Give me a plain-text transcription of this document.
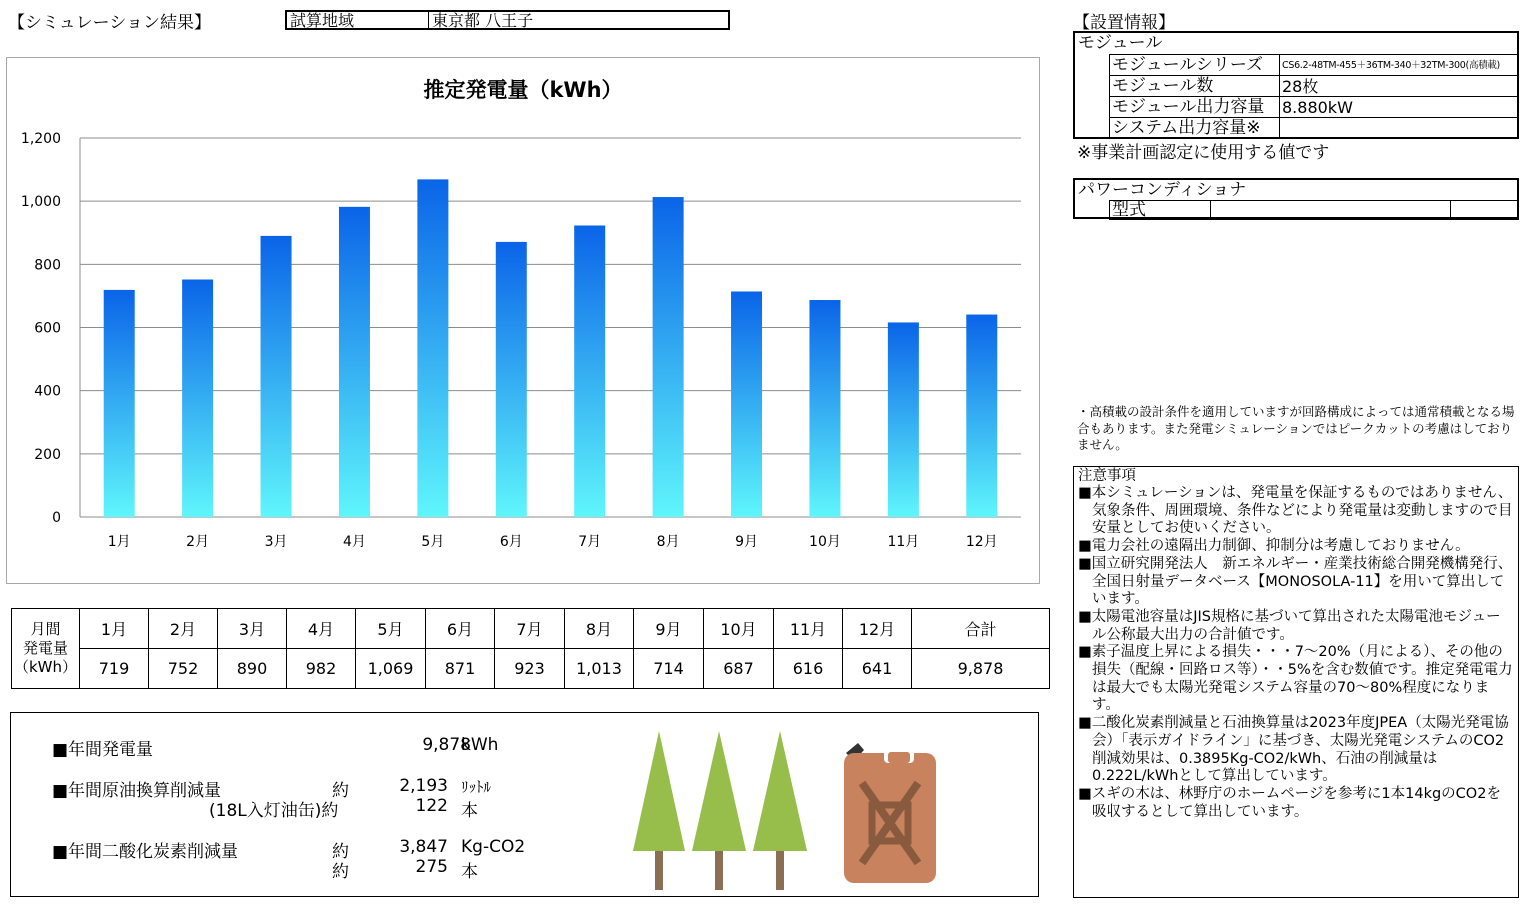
【シミュレーション結果】	試算地域	東京都 八王子
推定発電量（kWh）
0
200
400
600
800
1,000
1,200
1月	2月	3月	4月	5月	6月	7月	8月	9月	10月	11月	12月
月間
発電量
（kWh）	1月	2月	3月	4月	5月	6月	7月	8月	9月	10月	11月	12月	合計
	719	752	890	982	1,069	871	923	1,013	714	687	616	641	9,878
■年間発電量	9,878
kWh
■年間原油換算削減量	約	2,193 ﾘｯﾄﾙ
(18L入灯油缶)約	122 本
■年間二酸化炭素削減量	約	3,847 Kg-CO2
約	275 本
【設置情報】
モジュール
モジュールシリーズ	CS6.2-48TM-455＋36TM-340＋32TM-300(高積載)
モジュール数	28枚
モジュール出力容量	8.880kW
システム出力容量※	
※事業計画認定に使用する値です
パワーコンディショナ
型式		
・高積載の設計条件を適用していますが回路構成によっては通常積載となる場合もあります。また発電シミュレーションではピークカットの考慮はしておりません。
注意事項
■本シミュレーションは、発電量を保証するものではありません、気象条件、周囲環境、条件などにより発電量は変動しますので目安量としてお使いください。
■電力会社の遠隔出力制御、抑制分は考慮しておりません。
■国立研究開発法人　新エネルギー・産業技術総合開発機構発行、全国日射量データベース【MONOSOLA-11】を用いて算出しています。
■太陽電池容量はJIS規格に基づいて算出された太陽電池モジュール公称最大出力の合計値です。
■素子温度上昇による損失・・・7～20%（月による）、その他の損失（配線・回路ロス等）・・5%を含む数値です。推定発電電力は最大でも太陽光発電システム容量の70～80%程度になります。
■二酸化炭素削減量と石油換算量は2023年度JPEA（太陽光発電協会）「表示ガイドライン」に基づき、太陽光発電システムのCO2削減効果は、0.3895Kg-CO2/kWh、石油の削減量は0.222L/kWhとして算出しています。
■スギの木は、林野庁のホームページを参考に1本14kgのCO2を吸収するとして算出しています。
